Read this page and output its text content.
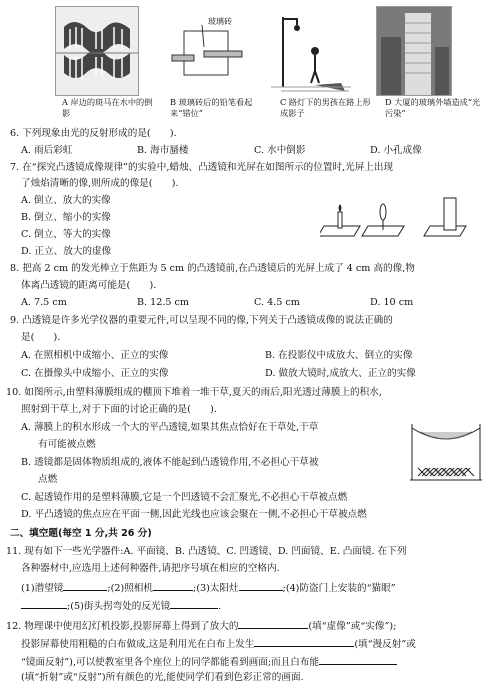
A 岸边的斑马在水中的倒影
玻璃砖
B 玻璃砖后的铅笔看起来“错位”
C 路灯下的男孩在路上形成影子
D 大厦的玻璃外墙造成“光污染”
6. 下列现象由光的反射形成的是(　　).
A. 雨后彩虹	B. 海市蜃楼	C. 水中倒影	D. 小孔成像
7. 在“探究凸透镜成像规律”的实验中,蜡烛、凸透镜和光屏在如图所示的位置时,光屏上出现
了烛焰清晰的像,则所成的像是(　　).
A. 倒立、放大的实像
B. 倒立、缩小的实像
C. 倒立、等大的实像
D. 正立、放大的虚像
8. 把高 2 cm 的发光棒立于焦距为 5 cm 的凸透镜前,在凸透镜后的光屏上成了 4 cm 高的像,物
体离凸透镜的距离可能是(　　).
A. 7.5 cm	B. 12.5 cm	C. 4.5 cm	D. 10 cm
9. 凸透镜是许多光学仪器的重要元件,可以呈现不同的像,下列关于凸透镜成像的说法正确的
是(　　).
A. 在照相机中成缩小、正立的实像	B. 在投影仪中成放大、倒立的实像
C. 在摄像头中成缩小、正立的实像	D. 做放大镜时,成放大、正立的实像
10. 如图所示,由塑料薄膜组成的棚顶下堆着一堆干草,夏天的雨后,阳光透过薄膜上的积水,
照射到干草上,对于下面的讨论正确的是(　　).
A. 薄膜上的积水形成一个大的平凸透镜,如果其焦点恰好在干草处,干草
有可能被点燃
B. 透镜都是固体物质组成的,液体不能起到凸透镜作用,不必担心干草被
点燃
C. 起透镜作用的是塑料薄膜,它是一个凹透镜不会汇聚光,不必担心干草被点燃
D. 平凸透镜的焦点应在平面一侧,因此光线也应该会聚在一侧,不必担心干草被点燃
二、填空题(每空 1 分,共 26 分)
11. 现有如下一些光学器件:A. 平面镜、B. 凸透镜、C. 凹透镜、D. 凹面镜、E. 凸面镜. 在下列
各种器材中,应选用上述何种器件,请把序号填在相应的空格内.
(1)潜望镜	;(2)照相机	;(3)太阳灶	;(4)防盗门上安装的“猫眼”
;(5)街头拐弯处的反光镜	.
12. 物理课中使用幻灯机投影,投影屏幕上得到了放大的	(填“虚像”或“实像”);
投影屏幕使用粗糙的白布做成,这是利用光在白布上发生	(填“漫反射”或
“镜面反射”),可以使教室里各个座位上的同学都能看到画面;而且白布能
(填“折射”或“反射”)所有颜色的光,能使同学们看到色彩正常的画面.
